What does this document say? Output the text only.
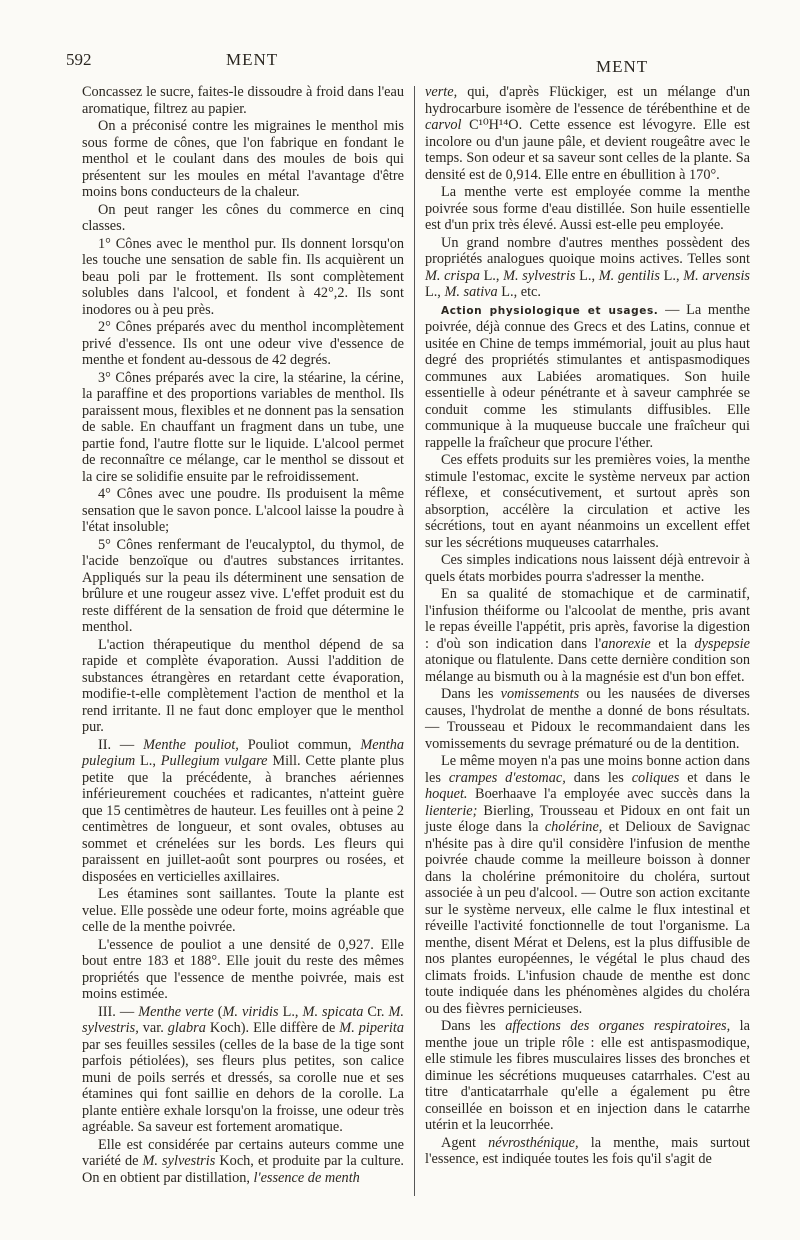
592	MENT	MENT

Concassez le sucre, faites-le dissoudre à froid dans l'eau aromatique, filtrez au papier.

On a préconisé contre les migraines le menthol mis sous forme de cônes, que l'on fabrique en fondant le menthol et le coulant dans des moules de bois qui présentent sur les moules en métal l'avantage d'être moins bons conducteurs de la chaleur.

On peut ranger les cônes du commerce en cinq classes.

1° Cônes avec le menthol pur. Ils donnent lorsqu'on les touche une sensation de sable fin. Ils acquièrent un beau poli par le frottement. Ils sont complètement solubles dans l'alcool, et fondent à 42°,2. Ils sont inodores ou à peu près.

2° Cônes préparés avec du menthol incomplètement privé d'essence. Ils ont une odeur vive d'essence de menthe et fondent au-dessous de 42 degrés.

3° Cônes préparés avec la cire, la stéarine, la cérine, la paraffine et des proportions variables de menthol. Ils paraissent mous, flexibles et ne donnent pas la sensation de sable. En chauffant un fragment dans un tube, une partie fond, l'autre flotte sur le liquide. L'alcool permet de reconnaître ce mélange, car le menthol se dissout et la cire se solidifie ensuite par le refroidissement.

4° Cônes avec une poudre. Ils produisent la même sensation que le savon ponce. L'alcool laisse la poudre à l'état insoluble;

5° Cônes renfermant de l'eucalyptol, du thymol, de l'acide benzoïque ou d'autres substances irritantes. Appliqués sur la peau ils déterminent une sensation de brûlure et une rougeur assez vive. L'effet produit est du reste différent de la sensation de froid que détermine le menthol.

L'action thérapeutique du menthol dépend de sa rapide et complète évaporation. Aussi l'addition de substances étrangères en retardant cette évaporation, modifie-t-elle complètement l'action de menthol et la rend irritante. Il ne faut donc employer que le menthol pur.

II. — Menthe pouliot, Pouliot commun, Mentha pulegium L., Pullegium vulgare Mill. Cette plante plus petite que la précédente, à branches aériennes inférieurement couchées et radicantes, n'atteint guère que 15 centimètres de hauteur. Les feuilles ont à peine 2 centimètres de longueur, et sont ovales, obtuses au sommet et crénelées sur les bords. Les fleurs qui paraissent en juillet-août sont pourpres ou rosées, et disposées en verticielles axillaires.

Les étamines sont saillantes. Toute la plante est velue. Elle possède une odeur forte, moins agréable que celle de la menthe poivrée.

L'essence de pouliot a une densité de 0,927. Elle bout entre 183 et 188°. Elle jouit du reste des mêmes propriétés que l'essence de menthe poivrée, mais est moins estimée.

III. — Menthe verte (M. viridis L., M. spicata Cr. M. sylvestris, var. glabra Koch). Elle diffère de M. piperita par ses feuilles sessiles (celles de la base de la tige sont parfois pétiolées), ses fleurs plus petites, son calice muni de poils serrés et dressés, sa corolle nue et ses étamines qui font saillie en dehors de la corolle. La plante entière exhale lorsqu'on la froisse, une odeur très agréable. Sa saveur est fortement aromatique.

Elle est considérée par certains auteurs comme une variété de M. sylvestris Koch, et produite par la culture. On en obtient par distillation, l'essence de menth

verte, qui, d'après Flückiger, est un mélange d'un hydrocarbure isomère de l'essence de térébenthine et de carvol C¹⁰H¹⁴O. Cette essence est lévogyre. Elle est incolore ou d'un jaune pâle, et devient rougeâtre avec le temps. Son odeur et sa saveur sont celles de la plante. Sa densité est de 0,914. Elle entre en ébullition à 170°.

La menthe verte est employée comme la menthe poivrée sous forme d'eau distillée. Son huile essentielle est d'un prix très élevé. Aussi est-elle peu employée.

Un grand nombre d'autres menthes possèdent des propriétés analogues quoique moins actives. Telles sont M. crispa L., M. sylvestris L., M. gentilis L., M. arvensis L., M. sativa L., etc.

Action physiologique et usages. — La menthe poivrée, déjà connue des Grecs et des Latins, connue et usitée en Chine de temps immémorial, jouit au plus haut degré des propriétés stimulantes et antispasmodiques communes aux Labiées aromatiques. Son huile essentielle à odeur pénétrante et à saveur camphrée se conduit comme les stimulants diffusibles. Elle communique à la muqueuse buccale une fraîcheur qui rappelle la fraîcheur que procure l'éther.

Ces effets produits sur les premières voies, la menthe stimule l'estomac, excite le système nerveux par action réflexe, et consécutivement, et surtout après son absorption, accélère la circulation et active les sécrétions, tout en ayant néanmoins un excellent effet sur les sécrétions muqueuses catarrhales.

Ces simples indications nous laissent déjà entrevoir à quels états morbides pourra s'adresser la menthe.

En sa qualité de stomachique et de carminatif, l'infusion théiforme ou l'alcoolat de menthe, pris avant le repas éveille l'appétit, pris après, favorise la digestion : d'où son indication dans l'anorexie et la dyspepsie atonique ou flatulente. Dans cette dernière condition son mélange au bismuth ou à la magnésie est d'un bon effet.

Dans les vomissements ou les nausées de diverses causes, l'hydrolat de menthe a donné de bons résultats. — Trousseau et Pidoux le recommandaient dans les vomissements du sevrage prématuré ou de la dentition.

Le même moyen n'a pas une moins bonne action dans les crampes d'estomac, dans les coliques et dans le hoquet. Boerhaave l'a employée avec succès dans la lienterie; Bierling, Trousseau et Pidoux en ont fait un juste éloge dans la cholérine, et Delioux de Savignac n'hésite pas à dire qu'il considère l'infusion de menthe poivrée chaude comme la meilleure boisson à donner dans la cholérine prémonitoire du choléra, surtout associée à un peu d'alcool. — Outre son action excitante sur le système nerveux, elle calme le flux intestinal et réveille l'activité fonctionnelle de tout l'organisme. La menthe, disent Mérat et Delens, est la plus diffusible de nos plantes européennes, le végétal le plus chaud des climats froids. L'infusion chaude de menthe est donc toute indiquée dans les phénomènes algides du choléra ou des fièvres pernicieuses.

Dans les affections des organes respiratoires, la menthe joue un triple rôle : elle est antispasmodique, elle stimule les fibres musculaires lisses des bronches et diminue les sécrétions muqueuses catarrhales. C'est au titre d'anticatarrhale qu'elle a également pu être conseillée en boisson et en injection dans le catarrhe utérin et la leucorrhée.

Agent névrosthénique, la menthe, mais surtout l'essence, est indiquée toutes les fois qu'il s'agit de
